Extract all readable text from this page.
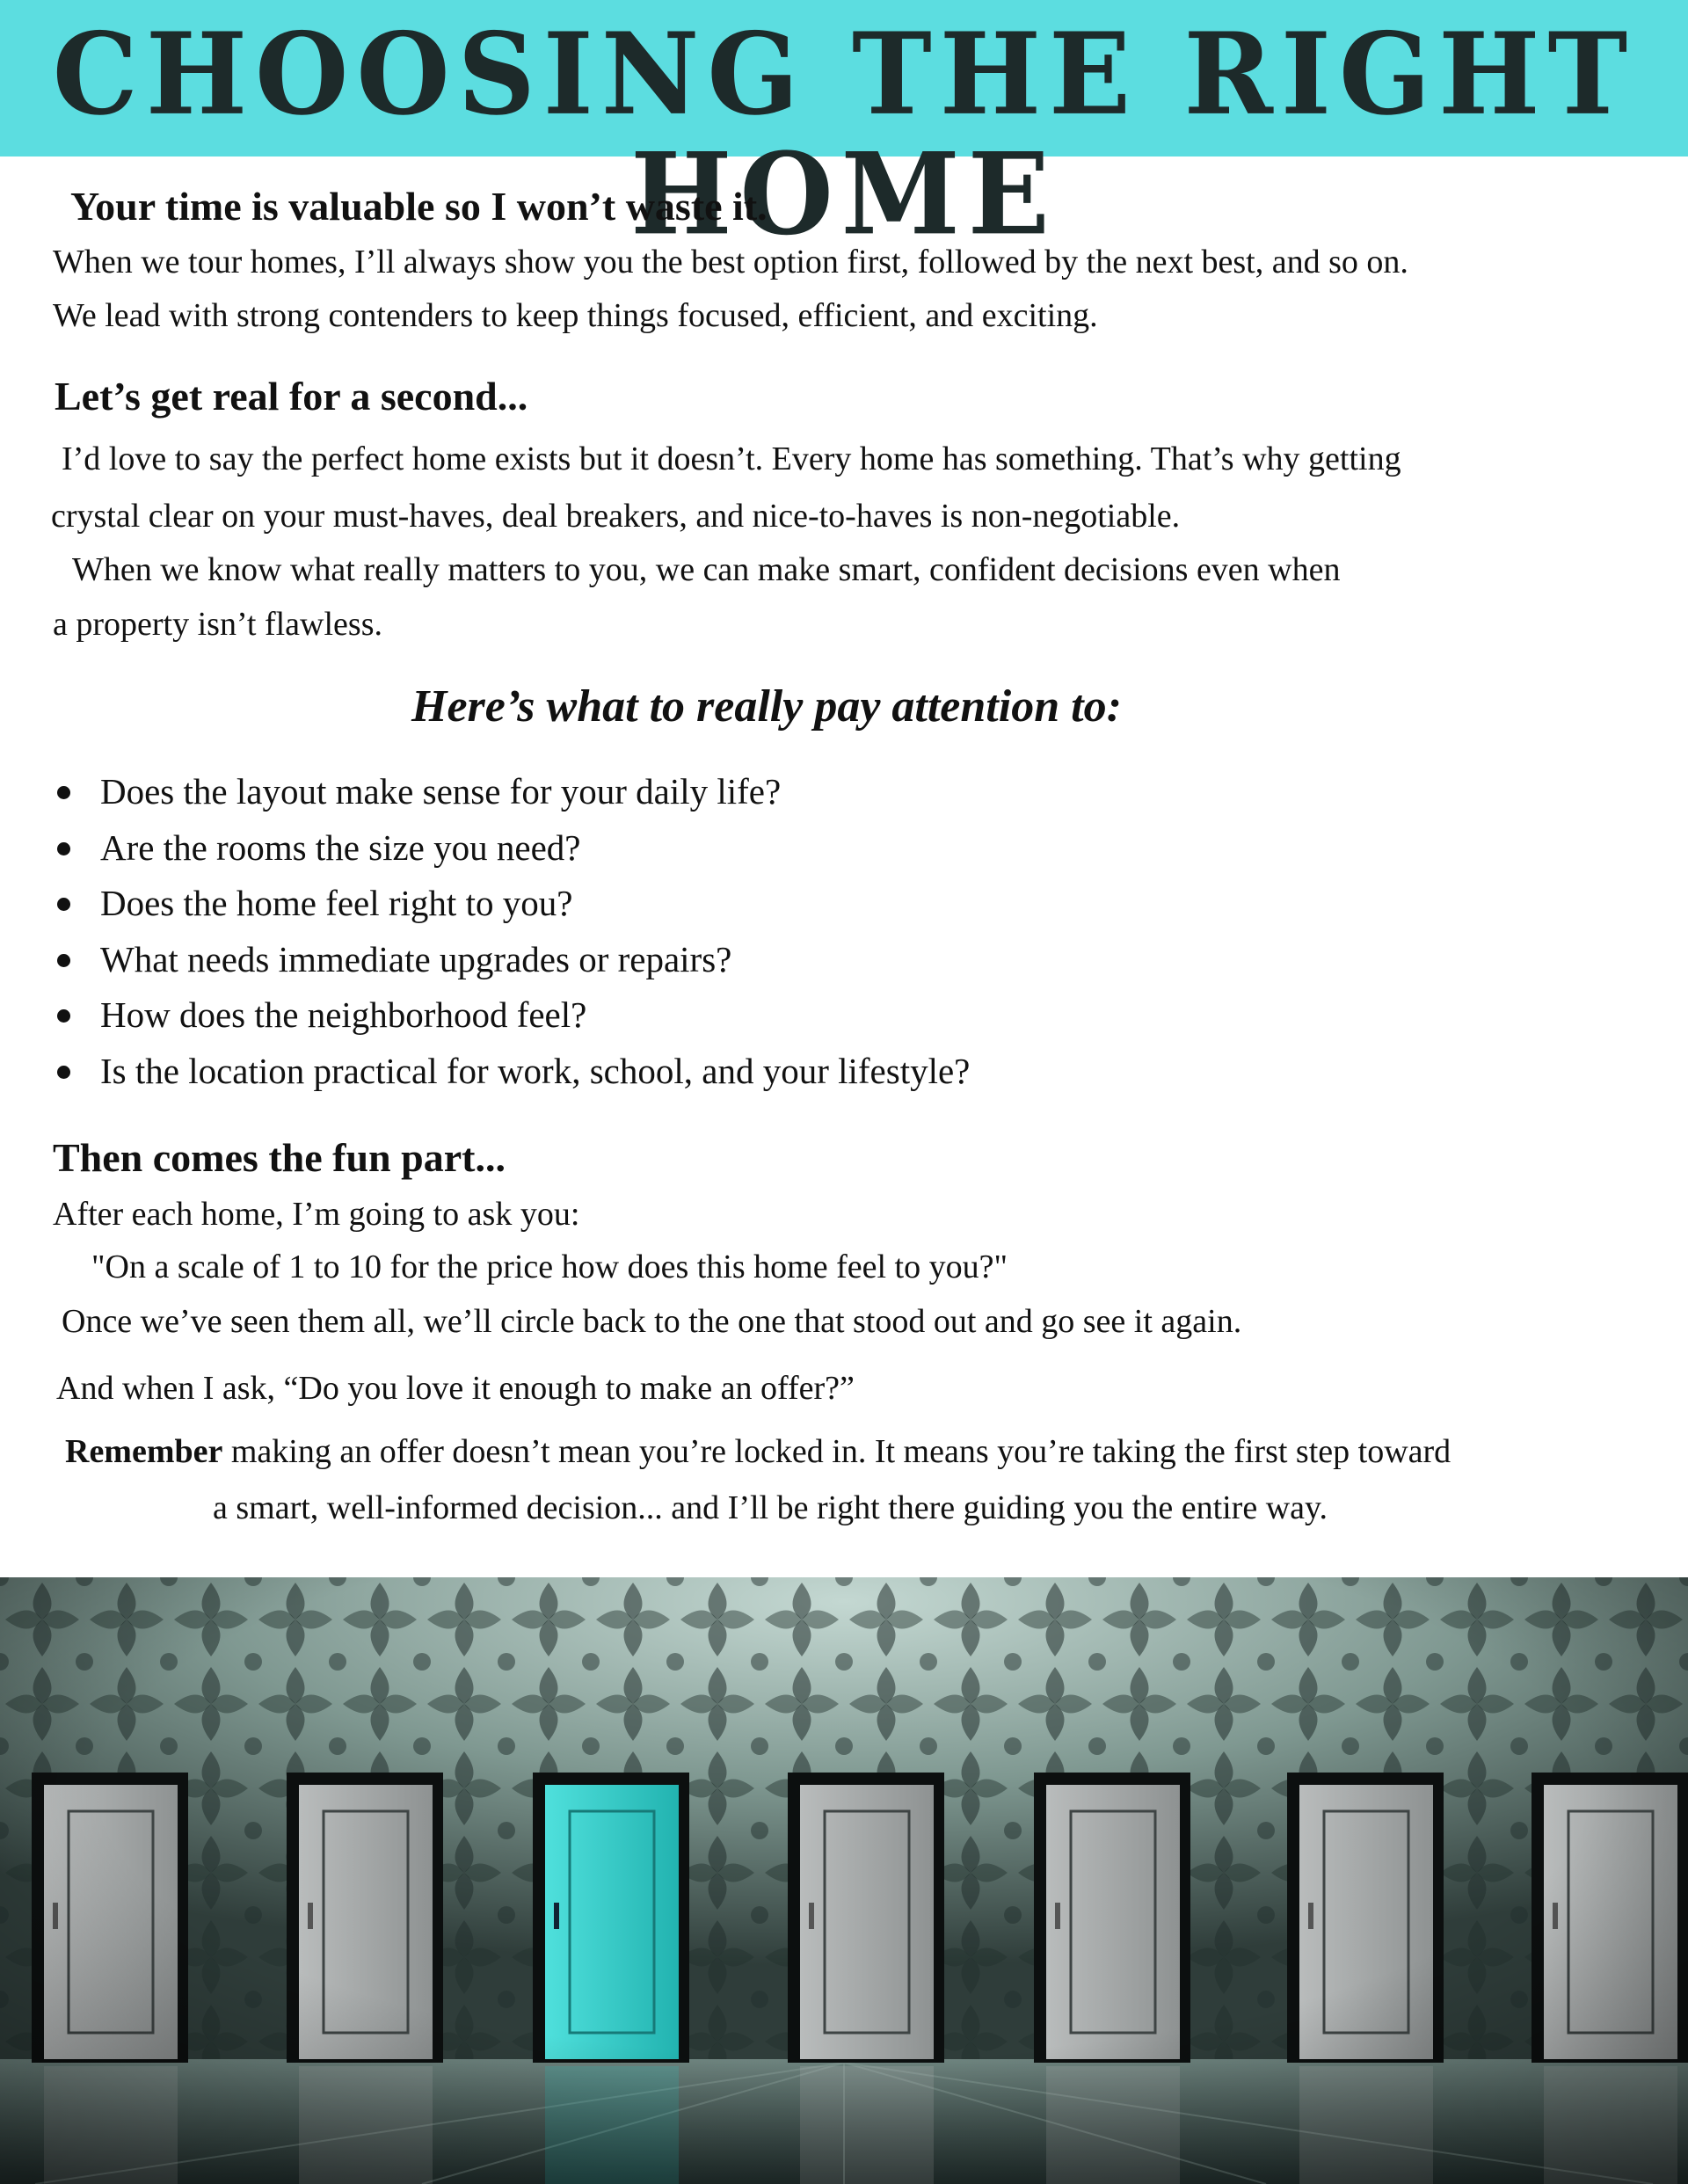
CHOOSING THE RIGHT HOME
Your time is valuable so I won’t waste it.
When we tour homes, I’ll always show you the best option first, followed by the next best, and so on.
We lead with strong contenders to keep things focused, efficient, and exciting.
Let’s get real for a second...
I’d love to say the perfect home exists but it doesn’t. Every home has something. That’s why getting
crystal clear on your must-haves, deal breakers, and nice-to-haves is non-negotiable.
When we know what really matters to you, we can make smart, confident decisions even when
a property isn’t flawless.
Here’s what to really pay attention to:
Does the layout make sense for your daily life?
Are the rooms the size you need?
Does the home feel right to you?
What needs immediate upgrades or repairs?
How does the neighborhood feel?
Is the location practical for work, school, and your lifestyle?
Then comes the fun part...
After each home, I’m going to ask you:
"On a scale of 1 to 10 for the price how does this home feel to you?"
Once we’ve seen them all, we’ll circle back to the one that stood out and go see it again.
And when I ask, “Do you love it enough to make an offer?”
Remember making an offer doesn’t mean you’re locked in. It means you’re taking the first step toward
a smart, well-informed decision... and I’ll be right there guiding you the entire way.
